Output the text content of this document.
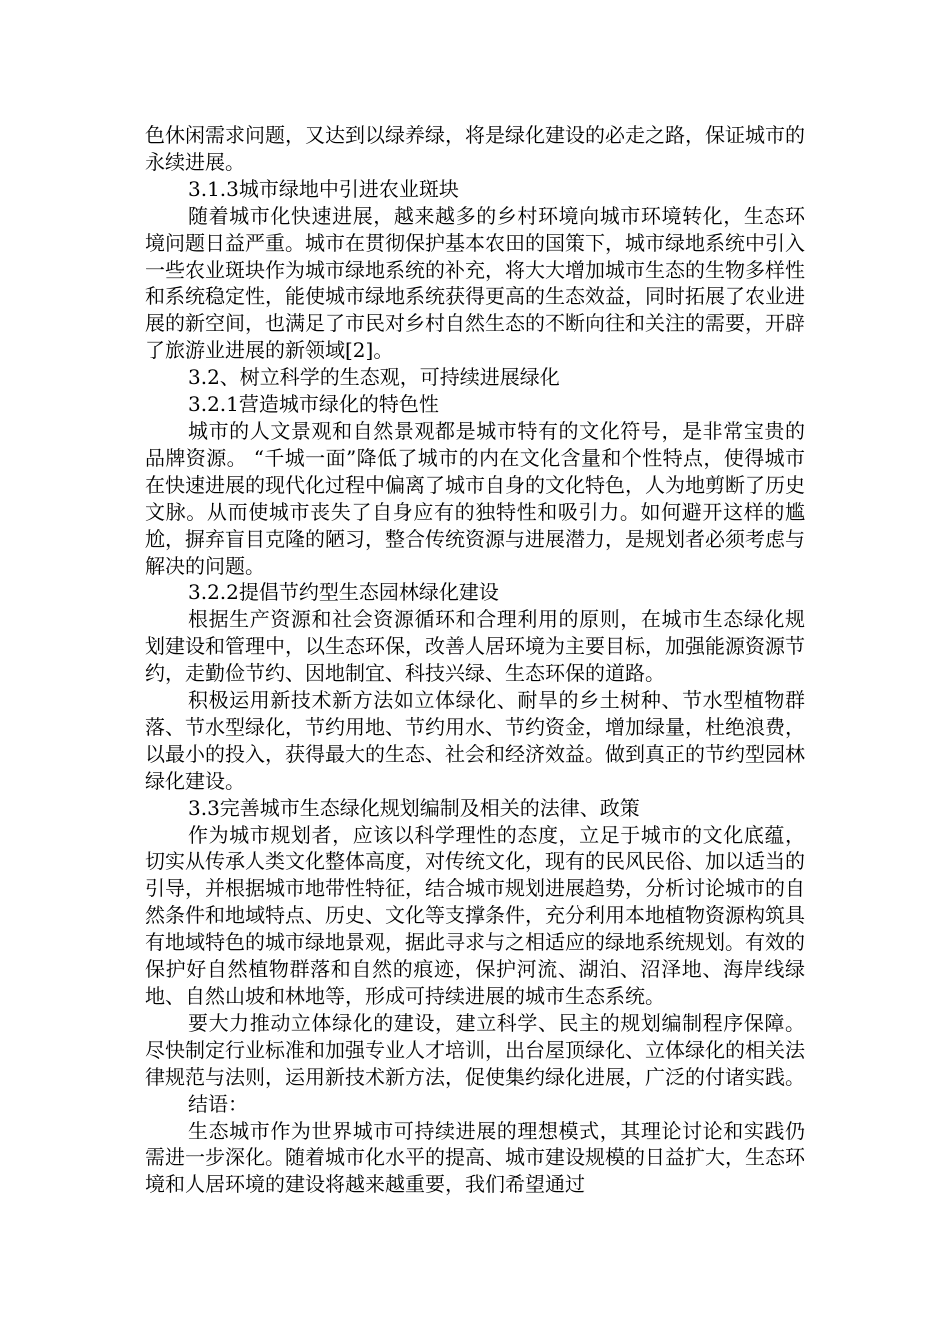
色休闲需求问题，又达到以绿养绿，将是绿化建设的必走之路，保证城市的永续进展。

3.1.3城市绿地中引进农业斑块

随着城市化快速进展，越来越多的乡村环境向城市环境转化，生态环境问题日益严重。城市在贯彻保护基本农田的国策下，城市绿地系统中引入一些农业斑块作为城市绿地系统的补充，将大大增加城市生态的生物多样性和系统稳定性，能使城市绿地系统获得更高的生态效益，同时拓展了农业进展的新空间，也满足了市民对乡村自然生态的不断向往和关注的需要，开辟了旅游业进展的新领域[2]。

3.2、树立科学的生态观，可持续进展绿化

3.2.1营造城市绿化的特色性

城市的人文景观和自然景观都是城市特有的文化符号，是非常宝贵的品牌资源。 “千城一面”降低了城市的内在文化含量和个性特点，使得城市在快速进展的现代化过程中偏离了城市自身的文化特色，人为地剪断了历史文脉。从而使城市丧失了自身应有的独特性和吸引力。如何避开这样的尴尬，摒弃盲目克隆的陋习，整合传统资源与进展潜力，是规划者必须考虑与解决的问题。

3.2.2提倡节约型生态园林绿化建设

根据生产资源和社会资源循环和合理利用的原则，在城市生态绿化规划建设和管理中，以生态环保，改善人居环境为主要目标，加强能源资源节约，走勤俭节约、因地制宜、科技兴绿、生态环保的道路。

积极运用新技术新方法如立体绿化、耐旱的乡土树种、节水型植物群落、节水型绿化，节约用地、节约用水、节约资金，增加绿量，杜绝浪费，以最小的投入，获得最大的生态、社会和经济效益。做到真正的节约型园林绿化建设。

3.3完善城市生态绿化规划编制及相关的法律、政策

作为城市规划者，应该以科学理性的态度，立足于城市的文化底蕴，切实从传承人类文化整体高度，对传统文化，现有的民风民俗、加以适当的引导，并根据城市地带性特征，结合城市规划进展趋势，分析讨论城市的自然条件和地域特点、历史、文化等支撑条件，充分利用本地植物资源构筑具有地域特色的城市绿地景观，据此寻求与之相适应的绿地系统规划。有效的保护好自然植物群落和自然的痕迹，保护河流、湖泊、沼泽地、海岸线绿地、自然山坡和林地等，形成可持续进展的城市生态系统。

要大力推动立体绿化的建设，建立科学、民主的规划编制程序保障。尽快制定行业标准和加强专业人才培训，出台屋顶绿化、立体绿化的相关法律规范与法则，运用新技术新方法，促使集约绿化进展，广泛的付诸实践。

结语：

生态城市作为世界城市可持续进展的理想模式，其理论讨论和实践仍需进一步深化。随着城市化水平的提高、城市建设规模的日益扩大，生态环境和人居环境的建设将越来越重要，我们希望通过
